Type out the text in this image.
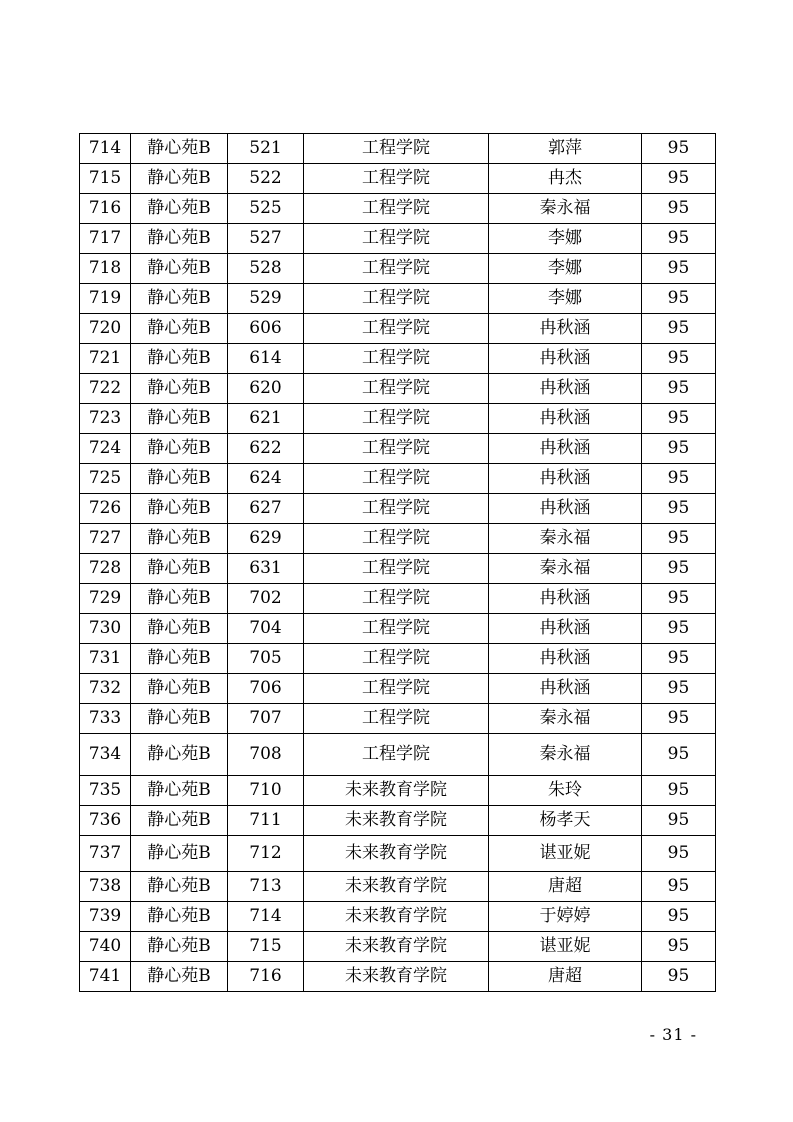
714	静心苑B	521	工程学院	郭萍	95
715	静心苑B	522	工程学院	冉杰	95
716	静心苑B	525	工程学院	秦永福	95
717	静心苑B	527	工程学院	李娜	95
718	静心苑B	528	工程学院	李娜	95
719	静心苑B	529	工程学院	李娜	95
720	静心苑B	606	工程学院	冉秋涵	95
721	静心苑B	614	工程学院	冉秋涵	95
722	静心苑B	620	工程学院	冉秋涵	95
723	静心苑B	621	工程学院	冉秋涵	95
724	静心苑B	622	工程学院	冉秋涵	95
725	静心苑B	624	工程学院	冉秋涵	95
726	静心苑B	627	工程学院	冉秋涵	95
727	静心苑B	629	工程学院	秦永福	95
728	静心苑B	631	工程学院	秦永福	95
729	静心苑B	702	工程学院	冉秋涵	95
730	静心苑B	704	工程学院	冉秋涵	95
731	静心苑B	705	工程学院	冉秋涵	95
732	静心苑B	706	工程学院	冉秋涵	95
733	静心苑B	707	工程学院	秦永福	95
734	静心苑B	708	工程学院	秦永福	95
735	静心苑B	710	未来教育学院	朱玲	95
736	静心苑B	711	未来教育学院	杨孝天	95
737	静心苑B	712	未来教育学院	谌亚妮	95
738	静心苑B	713	未来教育学院	唐超	95
739	静心苑B	714	未来教育学院	于婷婷	95
740	静心苑B	715	未来教育学院	谌亚妮	95
741	静心苑B	716	未来教育学院	唐超	95
- 31 -
